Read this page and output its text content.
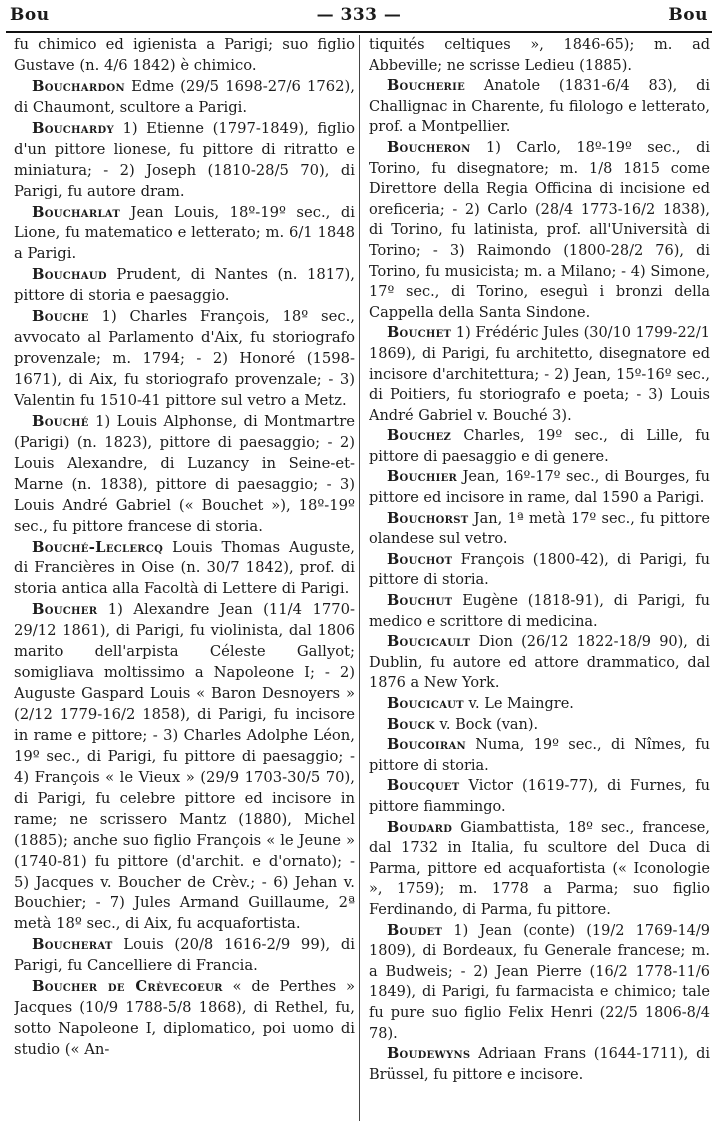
Bou	— 333 —	Bou

fu chimico ed igienista a Parigi; suo figlio Gustave (n. 4/6 1842) è chimico.

Bouchardon Edme (29/5 1698-27/6 1762), di Chaumont, scultore a Parigi.

Bouchardy 1) Etienne (1797-1849), figlio d'un pittore lionese, fu pittore di ritratto e miniatura; - 2) Joseph (1810-28/5 70), di Parigi, fu autore dram.

Boucharlat Jean Louis, 18º-19º sec., di Lione, fu matematico e letterato; m. 6/1 1848 a Parigi.

Bouchaud Prudent, di Nantes (n. 1817), pittore di storia e paesaggio.

Bouche 1) Charles François, 18º sec., avvocato al Parlamento d'Aix, fu storiografo provenzale; m. 1794; - 2) Honoré (1598-1671), di Aix, fu storiografo provenzale; - 3) Valentin fu 1510-41 pittore sul vetro a Metz.

Bouché 1) Louis Alphonse, di Montmartre (Parigi) (n. 1823), pittore di paesaggio; - 2) Louis Alexandre, di Luzancy in Seine-et-Marne (n. 1838), pittore di paesaggio; - 3) Louis André Gabriel (« Bouchet »), 18º-19º sec., fu pittore francese di storia.

Bouché-Leclercq Louis Thomas Auguste, di Francières in Oise (n. 30/7 1842), prof. di storia antica alla Facoltà di Lettere di Parigi.

Boucher 1) Alexandre Jean (11/4 1770-29/12 1861), di Parigi, fu violinista, dal 1806 marito dell'arpista Céleste Gallyot; somigliava moltissimo a Napoleone I; - 2) Auguste Gaspard Louis « Baron Desnoyers » (2/12 1779-16/2 1858), di Parigi, fu incisore in rame e pittore; - 3) Charles Adolphe Léon, 19º sec., di Parigi, fu pittore di paesaggio; - 4) François « le Vieux » (29/9 1703-30/5 70), di Parigi, fu celebre pittore ed incisore in rame; ne scrissero Mantz (1880), Michel (1885); anche suo figlio François « le Jeune » (1740-81) fu pittore (d'archit. e d'ornato); - 5) Jacques v. Boucher de Crèv.; - 6) Jehan v. Bouchier; - 7) Jules Armand Guillaume, 2ª metà 18º sec., di Aix, fu acquafortista.

Boucherat Louis (20/8 1616-2/9 99), di Parigi, fu Cancelliere di Francia.

Boucher de Crèvecoeur « de Perthes » Jacques (10/9 1788-5/8 1868), di Rethel, fu, sotto Napoleone I, diplomatico, poi uomo di studio (« An-

tiquités celtiques », 1846-65); m. ad Abbeville; ne scrisse Ledieu (1885).

Boucherie Anatole (1831-6/4 83), di Challignac in Charente, fu filologo e letterato, prof. a Montpellier.

Boucheron 1) Carlo, 18º-19º sec., di Torino, fu disegnatore; m. 1/8 1815 come Direttore della Regia Officina di incisione ed oreficeria; - 2) Carlo (28/4 1773-16/2 1838), di Torino, fu latinista, prof. all'Università di Torino; - 3) Raimondo (1800-28/2 76), di Torino, fu musicista; m. a Milano; - 4) Simone, 17º sec., di Torino, eseguì i bronzi della Cappella della Santa Sindone.

Bouchet 1) Frédéric Jules (30/10 1799-22/1 1869), di Parigi, fu architetto, disegnatore ed incisore d'architettura; - 2) Jean, 15º-16º sec., di Poitiers, fu storiografo e poeta; - 3) Louis André Gabriel v. Bouché 3).

Bouchez Charles, 19º sec., di Lille, fu pittore di paesaggio e di genere.

Bouchier Jean, 16º-17º sec., di Bourges, fu pittore ed incisore in rame, dal 1590 a Parigi.

Bouchorst Jan, 1ª metà 17º sec., fu pittore olandese sul vetro.

Bouchot François (1800-42), di Parigi, fu pittore di storia.

Bouchut Eugène (1818-91), di Parigi, fu medico e scrittore di medicina.

Boucicault Dion (26/12 1822-18/9 90), di Dublin, fu autore ed attore drammatico, dal 1876 a New York.

Boucicaut v. Le Maingre.

Bouck v. Bock (van).

Boucoiran Numa, 19º sec., di Nîmes, fu pittore di storia.

Boucquet Victor (1619-77), di Furnes, fu pittore fiammingo.

Boudard Giambattista, 18º sec., francese, dal 1732 in Italia, fu scultore del Duca di Parma, pittore ed acquafortista (« Iconologie », 1759); m. 1778 a Parma; suo figlio Ferdinando, di Parma, fu pittore.

Boudet 1) Jean (conte) (19/2 1769-14/9 1809), di Bordeaux, fu Generale francese; m. a Budweis; - 2) Jean Pierre (16/2 1778-11/6 1849), di Parigi, fu farmacista e chimico; tale fu pure suo figlio Felix Henri (22/5 1806-8/4 78).

Boudewyns Adriaan Frans (1644-1711), di Brüssel, fu pittore e incisore.
